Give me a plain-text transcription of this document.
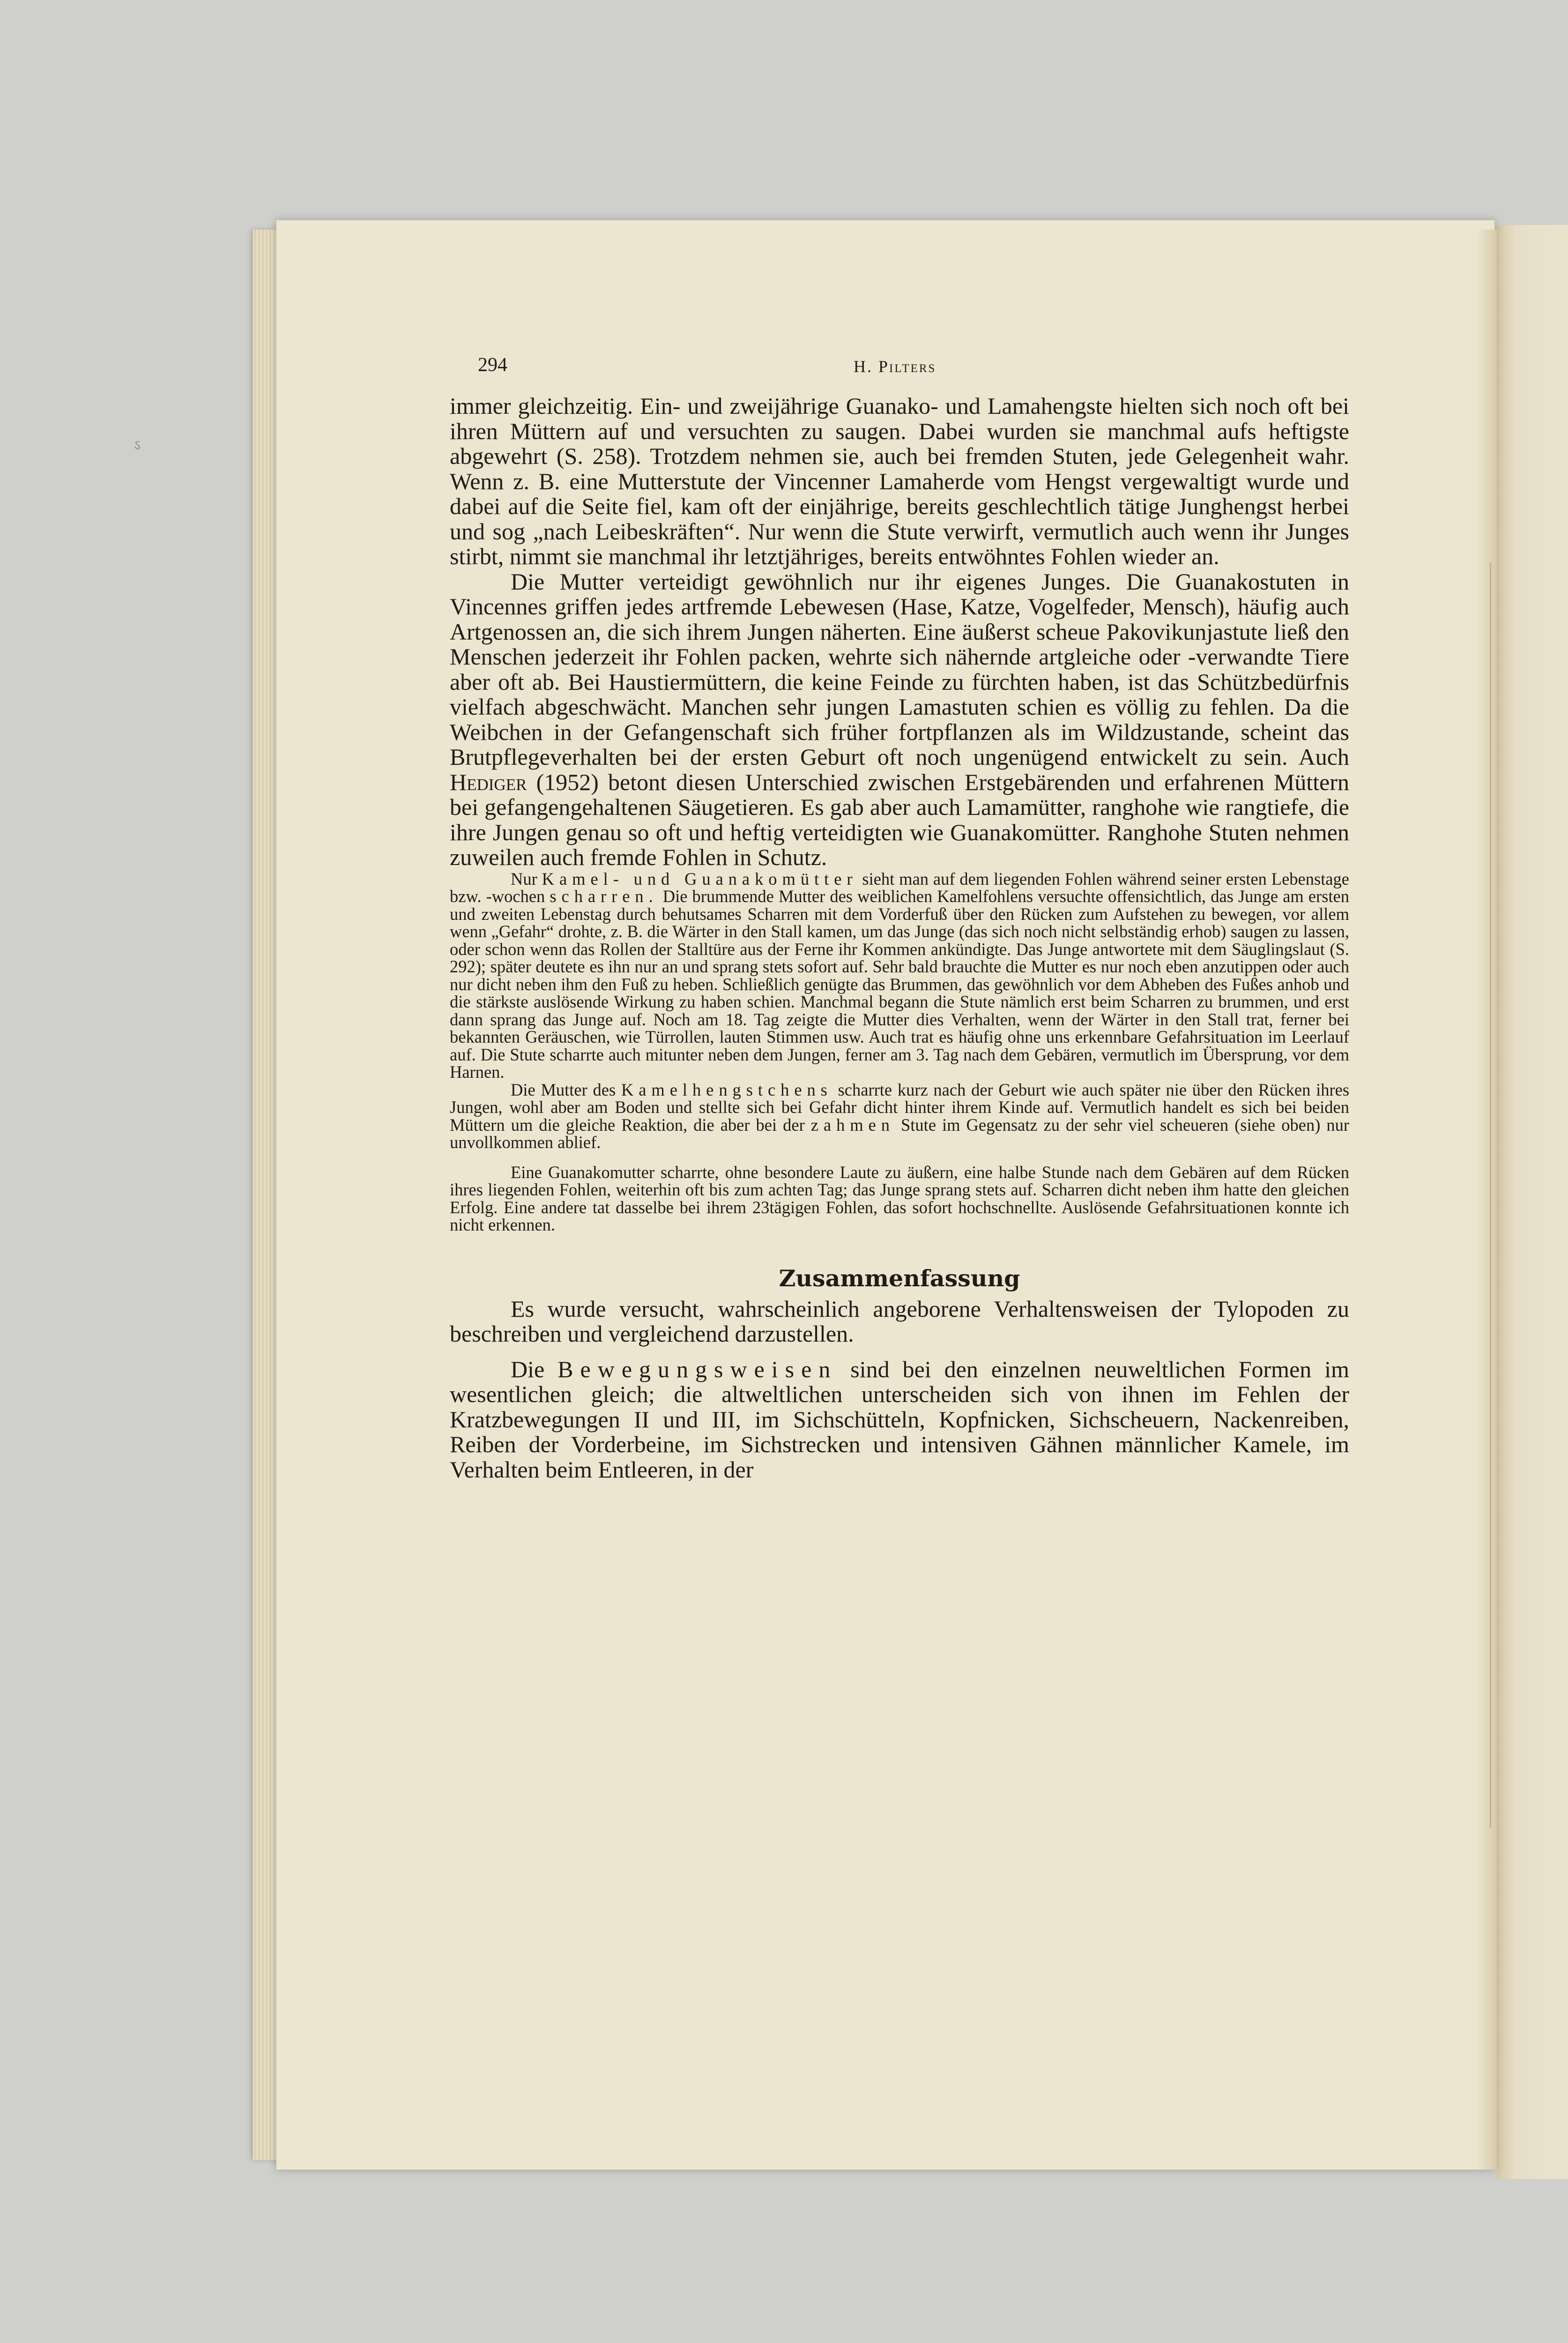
ऽ
294	H. Pilters

immer gleichzeitig. Ein- und zweijährige Guanako- und Lamahengste hielten sich noch oft bei ihren Müttern auf und versuchten zu saugen. Dabei wurden sie manchmal aufs heftigste abgewehrt (S. 258). Trotzdem nehmen sie, auch bei fremden Stuten, jede Gelegenheit wahr. Wenn z. B. eine Mutterstute der Vincenner Lamaherde vom Hengst vergewaltigt wurde und dabei auf die Seite fiel, kam oft der einjährige, bereits geschlechtlich tätige Junghengst herbei und sog „nach Leibeskräften“. Nur wenn die Stute verwirft, vermutlich auch wenn ihr Junges stirbt, nimmt sie manchmal ihr letztjähriges, bereits entwöhntes Fohlen wieder an.

Die Mutter verteidigt gewöhnlich nur ihr eigenes Junges. Die Guanakostuten in Vincennes griffen jedes artfremde Lebewesen (Hase, Katze, Vogelfeder, Mensch), häufig auch Artgenossen an, die sich ihrem Jungen näherten. Eine äußerst scheue Pakovikunjastute ließ den Menschen jederzeit ihr Fohlen packen, wehrte sich nähernde artgleiche oder -verwandte Tiere aber oft ab. Bei Haustiermüttern, die keine Feinde zu fürchten haben, ist das Schützbedürfnis vielfach abgeschwächt. Manchen sehr jungen Lamastuten schien es völlig zu fehlen. Da die Weibchen in der Gefangenschaft sich früher fortpflanzen als im Wildzustande, scheint das Brutpflegeverhalten bei der ersten Geburt oft noch ungenügend entwickelt zu sein. Auch Hediger (1952) betont diesen Unterschied zwischen Erstgebärenden und erfahrenen Müttern bei gefangengehaltenen Säugetieren. Es gab aber auch Lamamütter, ranghohe wie rangtiefe, die ihre Jungen genau so oft und heftig verteidigten wie Guanakomütter. Ranghohe Stuten nehmen zuweilen auch fremde Fohlen in Schutz.

Nur Kamel- und Guanakomütter sieht man auf dem liegenden Fohlen während seiner ersten Lebenstage bzw. -wochen scharren. Die brummende Mutter des weiblichen Kamelfohlens versuchte offensichtlich, das Junge am ersten und zweiten Lebenstag durch behutsames Scharren mit dem Vorderfuß über den Rücken zum Aufstehen zu bewegen, vor allem wenn „Gefahr“ drohte, z. B. die Wärter in den Stall kamen, um das Junge (das sich noch nicht selbständig erhob) saugen zu lassen, oder schon wenn das Rollen der Stalltüre aus der Ferne ihr Kommen ankündigte. Das Junge antwortete mit dem Säuglingslaut (S. 292); später deutete es ihn nur an und sprang stets sofort auf. Sehr bald brauchte die Mutter es nur noch eben anzutippen oder auch nur dicht neben ihm den Fuß zu heben. Schließlich genügte das Brummen, das gewöhnlich vor dem Abheben des Fußes anhob und die stärkste auslösende Wirkung zu haben schien. Manchmal begann die Stute nämlich erst beim Scharren zu brummen, und erst dann sprang das Junge auf. Noch am 18. Tag zeigte die Mutter dies Verhalten, wenn der Wärter in den Stall trat, ferner bei bekannten Geräuschen, wie Türrollen, lauten Stimmen usw. Auch trat es häufig ohne uns erkennbare Gefahrsituation im Leerlauf auf. Die Stute scharrte auch mitunter neben dem Jungen, ferner am 3. Tag nach dem Gebären, vermutlich im Übersprung, vor dem Harnen.

Die Mutter des Kamelhengstchens scharrte kurz nach der Geburt wie auch später nie über den Rücken ihres Jungen, wohl aber am Boden und stellte sich bei Gefahr dicht hinter ihrem Kinde auf. Vermutlich handelt es sich bei beiden Müttern um die gleiche Reaktion, die aber bei der zahmen Stute im Gegensatz zu der sehr viel scheueren (siehe oben) nur unvollkommen ablief.

Eine Guanakomutter scharrte, ohne besondere Laute zu äußern, eine halbe Stunde nach dem Gebären auf dem Rücken ihres liegenden Fohlen, weiterhin oft bis zum achten Tag; das Junge sprang stets auf. Scharren dicht neben ihm hatte den gleichen Erfolg. Eine andere tat dasselbe bei ihrem 23tägigen Fohlen, das sofort hochschnellte. Auslösende Gefahrsituationen konnte ich nicht erkennen.

Zusammenfassung

Es wurde versucht, wahrscheinlich angeborene Verhaltensweisen der Tylopoden zu beschreiben und vergleichend darzustellen.

Die Bewegungsweisen sind bei den einzelnen neuweltlichen Formen im wesentlichen gleich; die altweltlichen unterscheiden sich von ihnen im Fehlen der Kratzbewegungen II und III, im Sichschütteln, Kopfnicken, Sichscheuern, Nackenreiben, Reiben der Vorderbeine, im Sichstrecken und intensiven Gähnen männlicher Kamele, im Verhalten beim Entleeren, in der
